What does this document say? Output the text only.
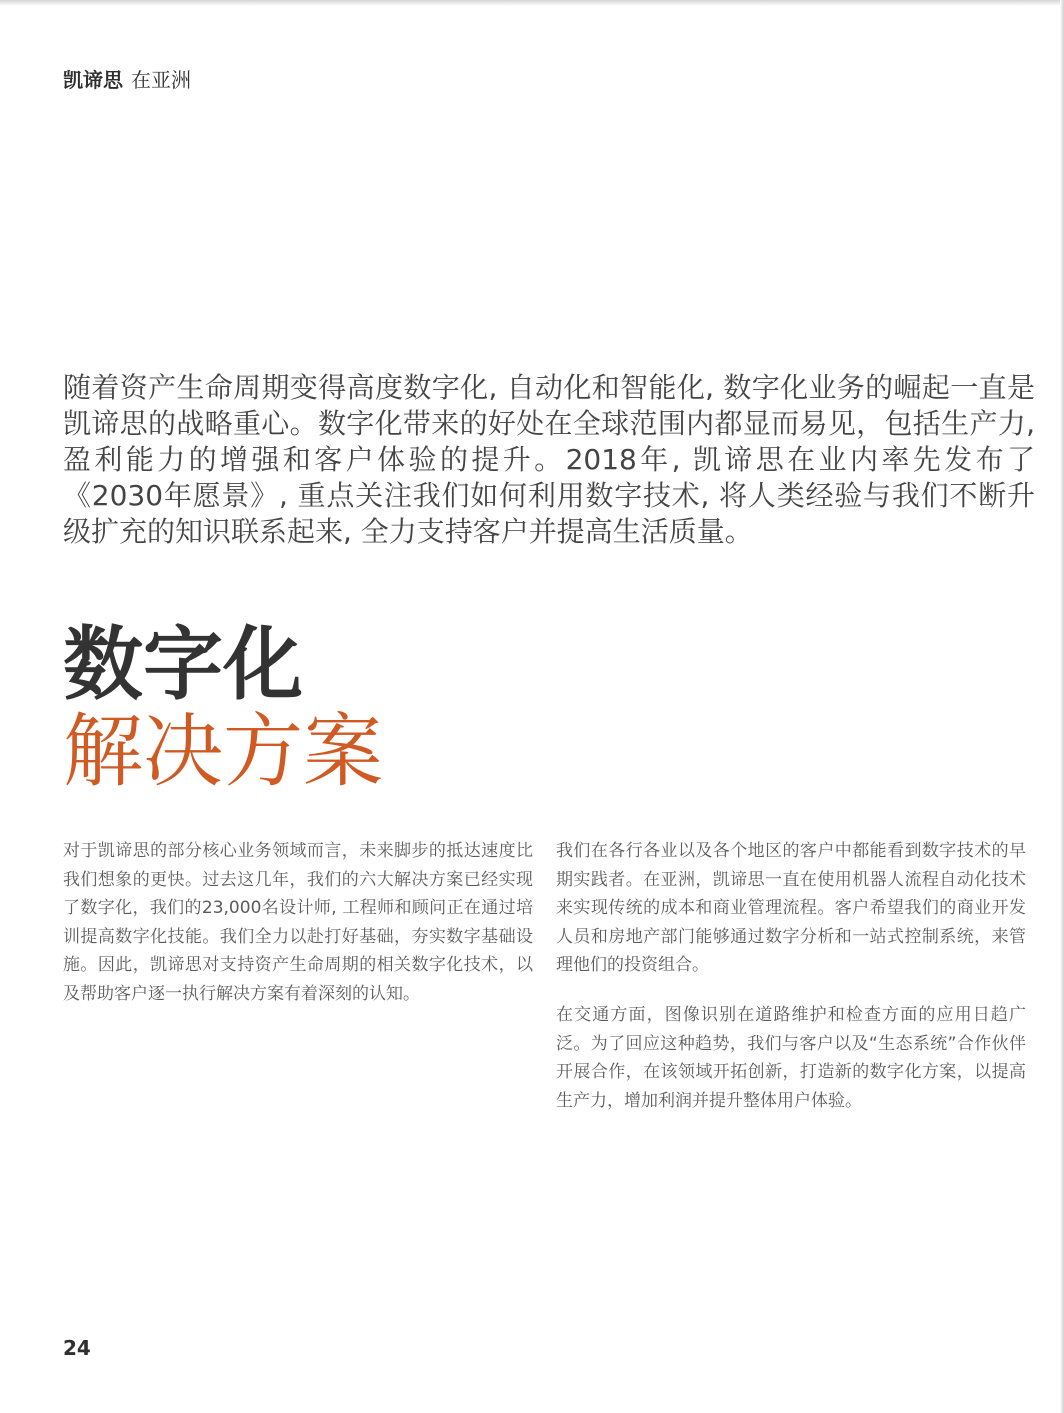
凯谛思 在亚洲
随着资产生命周期变得高度数字化, 自动化和智能化, 数字化业务的崛起一直是凯谛思的战略重心。数字化带来的好处在全球范围内都显而易见，包括生产力, 盈利能力的增强和客户体验的提升。2018年, 凯谛思在业内率先发布了《2030年愿景》, 重点关注我们如何利用数字技术, 将人类经验与我们不断升级扩充的知识联系起来, 全力支持客户并提高生活质量。
数字化
解决方案

对于凯谛思的部分核心业务领域而言，未来脚步的抵达速度比我们想象的更快。过去这几年，我们的六大解决方案已经实现了数字化，我们的23,000名设计师, 工程师和顾问正在通过培训提高数字化技能。我们全力以赴打好基础，夯实数字基础设施。因此，凯谛思对支持资产生命周期的相关数字化技术，以及帮助客户逐一执行解决方案有着深刻的认知。

我们在各行各业以及各个地区的客户中都能看到数字技术的早期实践者。在亚洲，凯谛思一直在使用机器人流程自动化技术来实现传统的成本和商业管理流程。客户希望我们的商业开发人员和房地产部门能够通过数字分析和一站式控制系统，来管理他们的投资组合。

在交通方面，图像识别在道路维护和检查方面的应用日趋广泛。为了回应这种趋势，我们与客户以及“生态系统”合作伙伴开展合作，在该领域开拓创新，打造新的数字化方案，以提高生产力，增加利润并提升整体用户体验。

24
